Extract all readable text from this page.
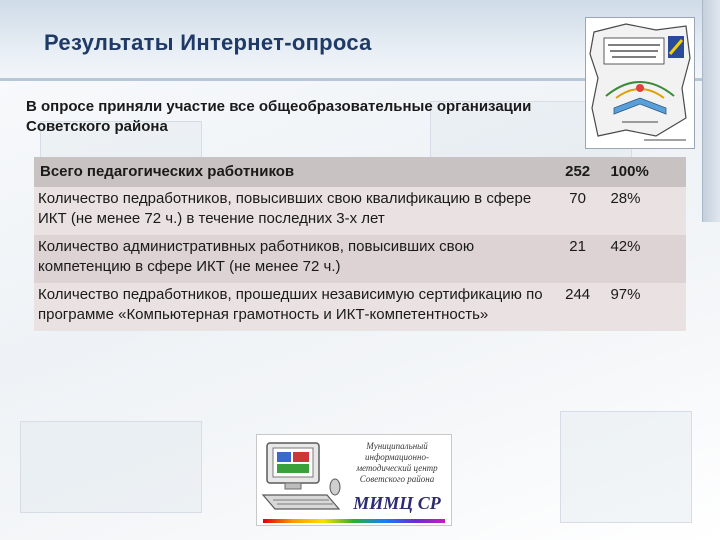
Результаты Интернет-опроса
В опросе приняли участие все общеобразовательные организации Советского района
Всего педагогических работников	252	100%
Количество педработников, повысивших свою квалификацию в сфере ИКТ (не менее 72 ч.) в течение последних 3-х лет	70	28%
Количество административных работников, повысивших свою
компетенцию в сфере ИКТ (не менее 72 ч.)	21	42%
Количество педработников, прошедших независимую сертификацию по программе «Компьютерная грамотность и ИКТ-компетентность»	244	97%
Муниципальный информационно-методический центр Советского района
МИМЦ СР
